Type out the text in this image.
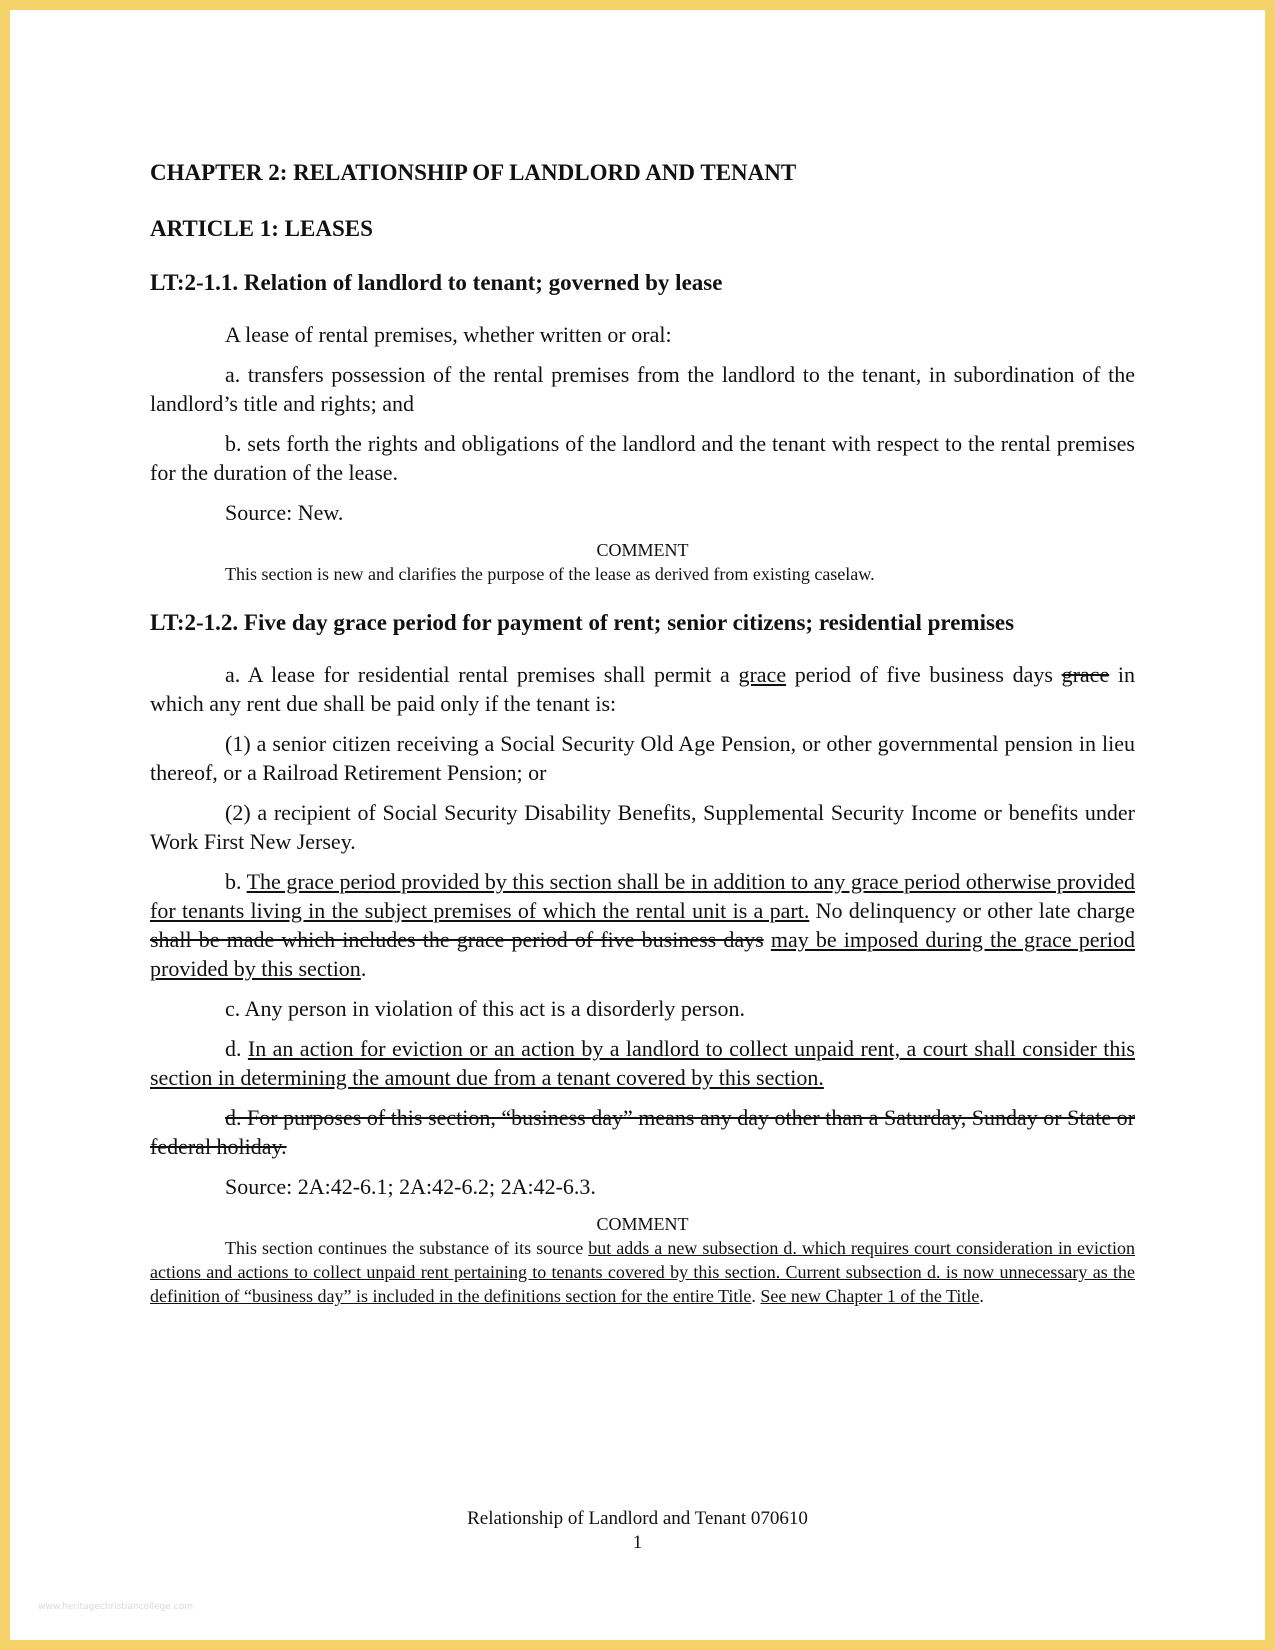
CHAPTER 2: RELATIONSHIP OF LANDLORD AND TENANT
ARTICLE 1: LEASES
LT:2-1.1. Relation of landlord to tenant; governed by lease

A lease of rental premises, whether written or oral:

a. transfers possession of the rental premises from the landlord to the tenant, in subordination of the landlord’s title and rights; and

b. sets forth the rights and obligations of the landlord and the tenant with respect to the rental premises for the duration of the lease.

Source: New.

COMMENT

This section is new and clarifies the purpose of the lease as derived from existing caselaw.

LT:2-1.2. Five day grace period for payment of rent; senior citizens; residential premises

a. A lease for residential rental premises shall permit a grace period of five business days grace in which any rent due shall be paid only if the tenant is:

(1) a senior citizen receiving a Social Security Old Age Pension, or other governmental pension in lieu thereof, or a Railroad Retirement Pension; or

(2) a recipient of Social Security Disability Benefits, Supplemental Security Income or benefits under Work First New Jersey.

b. The grace period provided by this section shall be in addition to any grace period otherwise provided for tenants living in the subject premises of which the rental unit is a part. No delinquency or other late charge shall be made which includes the grace period of five business days may be imposed during the grace period provided by this section.

c. Any person in violation of this act is a disorderly person.

d. In an action for eviction or an action by a landlord to collect unpaid rent, a court shall consider this section in determining the amount due from a tenant covered by this section.

d. For purposes of this section, “business day” means any day other than a Saturday, Sunday or State or federal holiday.

Source: 2A:42-6.1; 2A:42-6.2; 2A:42-6.3.

COMMENT

This section continues the substance of its source but adds a new subsection d. which requires court consideration in eviction actions and actions to collect unpaid rent pertaining to tenants covered by this section. Current subsection d. is now unnecessary as the definition of “business day” is included in the definitions section for the entire Title. See new Chapter 1 of the Title.

Relationship of Landlord and Tenant 070610
1
www.heritagechristiancollege.com
